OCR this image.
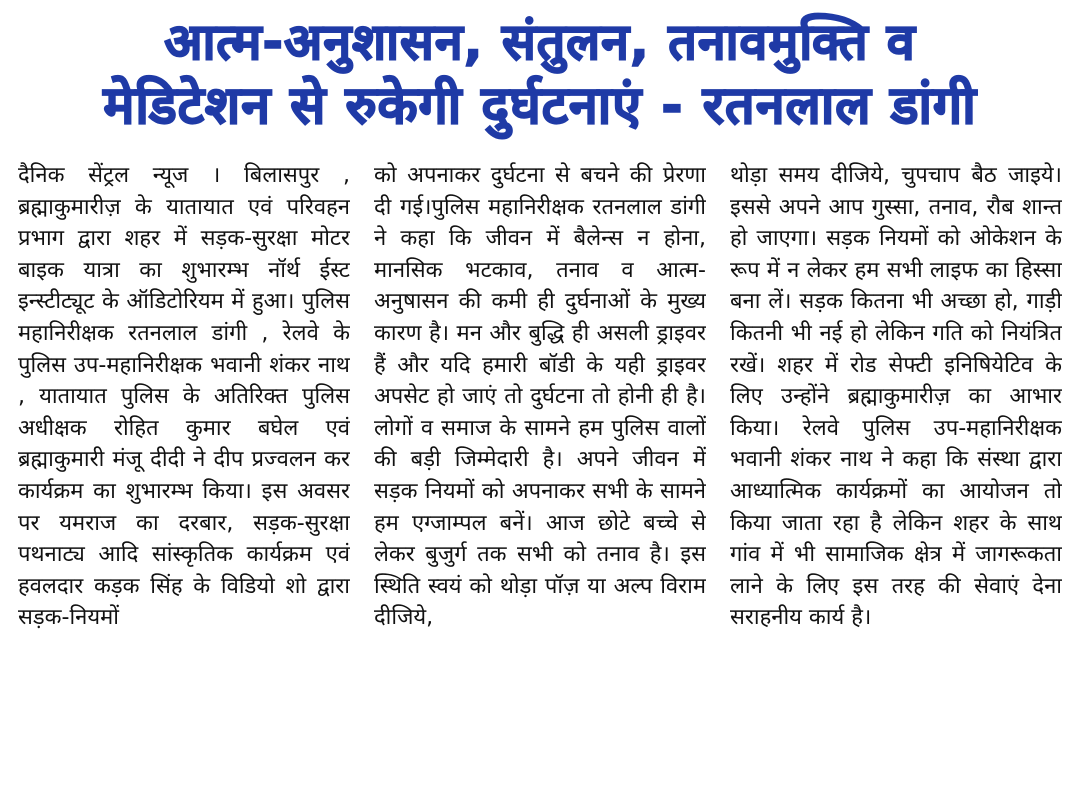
आत्म-अनुशासन, संतुलन, तनावमुक्ति व
मेडिटेशन से रुकेगी दुर्घटनाएं - रतनलाल डांगी
दैनिक सेंट्रल न्यूज । बिलासपुर , ब्रह्माकुमारीज़ के यातायात एवं परिवहन प्रभाग द्वारा शहर में सड़क-सुरक्षा मोटर बाइक यात्रा का शुभारम्भ नॉर्थ ईस्ट इन्स्टीट्यूट के ऑडिटोरियम में हुआ। पुलिस महानिरीक्षक रतनलाल डांगी , रेलवे के पुलिस उप-महानिरीक्षक भवानी शंकर नाथ , यातायात पुलिस के अतिरिक्त पुलिस अधीक्षक रोहित कुमार बघेल एवं ब्रह्माकुमारी मंजू दीदी ने दीप प्रज्वलन कर कार्यक्रम का शुभारम्भ किया। इस अवसर पर यमराज का दरबार, सड़क-सुरक्षा पथनाट्य आदि सांस्कृतिक कार्यक्रम एवं हवलदार कड़क सिंह के विडियो शो द्वारा सड़क-नियमों
को अपनाकर दुर्घटना से बचने की प्रेरणा दी गई।पुलिस महानिरीक्षक रतनलाल डांगी ने कहा कि जीवन में बैलेन्स न होना, मानसिक भटकाव, तनाव व आत्म-अनुषासन की कमी ही दुर्घनाओं के मुख्य कारण है। मन और बुद्धि ही असली ड्राइवर हैं और यदि हमारी बॉडी के यही ड्राइवर अपसेट हो जाएं तो दुर्घटना तो होनी ही है। लोगों व समाज के सामने हम पुलिस वालों की बड़ी जिम्मेदारी है। अपने जीवन में सड़क नियमों को अपनाकर सभी के सामने हम एग्जाम्पल बनें। आज छोटे बच्चे से लेकर बुजुर्ग तक सभी को तनाव है। इस स्थिति स्वयं को थोड़ा पॉज़ या अल्प विराम दीजिये,
थोड़ा समय दीजिये, चुपचाप बैठ जाइये। इससे अपने आप गुस्सा, तनाव, रौब शान्त हो जाएगा। सड़क नियमों को ओकेशन के रूप में न लेकर हम सभी लाइफ का हिस्सा बना लें। सड़क कितना भी अच्छा हो, गाड़ी कितनी भी नई हो लेकिन गति को नियंत्रित रखें। शहर में रोड सेफ्टी इनिषियेटिव के लिए उन्होंने ब्रह्माकुमारीज़ का आभार किया। रेलवे पुलिस उप-महानिरीक्षक भवानी शंकर नाथ ने कहा कि संस्था द्वारा आध्यात्मिक कार्यक्रमों का आयोजन तो किया जाता रहा है लेकिन शहर के साथ गांव में भी सामाजिक क्षेत्र में जागरूकता लाने के लिए इस तरह की सेवाएं देना सराहनीय कार्य है।
